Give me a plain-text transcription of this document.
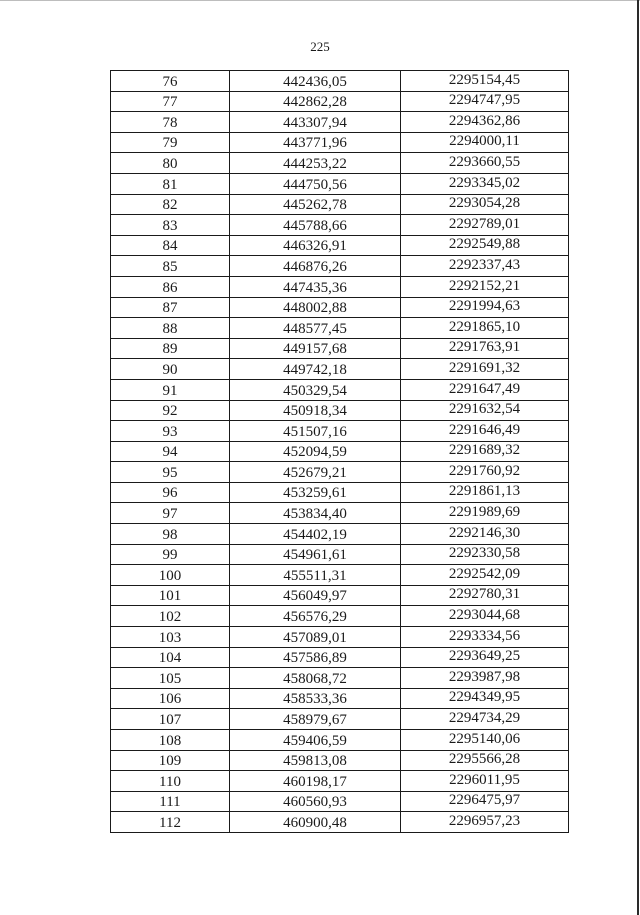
225
76	442436,05	2295154,45
77	442862,28	2294747,95
78	443307,94	2294362,86
79	443771,96	2294000,11
80	444253,22	2293660,55
81	444750,56	2293345,02
82	445262,78	2293054,28
83	445788,66	2292789,01
84	446326,91	2292549,88
85	446876,26	2292337,43
86	447435,36	2292152,21
87	448002,88	2291994,63
88	448577,45	2291865,10
89	449157,68	2291763,91
90	449742,18	2291691,32
91	450329,54	2291647,49
92	450918,34	2291632,54
93	451507,16	2291646,49
94	452094,59	2291689,32
95	452679,21	2291760,92
96	453259,61	2291861,13
97	453834,40	2291989,69
98	454402,19	2292146,30
99	454961,61	2292330,58
100	455511,31	2292542,09
101	456049,97	2292780,31
102	456576,29	2293044,68
103	457089,01	2293334,56
104	457586,89	2293649,25
105	458068,72	2293987,98
106	458533,36	2294349,95
107	458979,67	2294734,29
108	459406,59	2295140,06
109	459813,08	2295566,28
110	460198,17	2296011,95
111	460560,93	2296475,97
112	460900,48	2296957,23
